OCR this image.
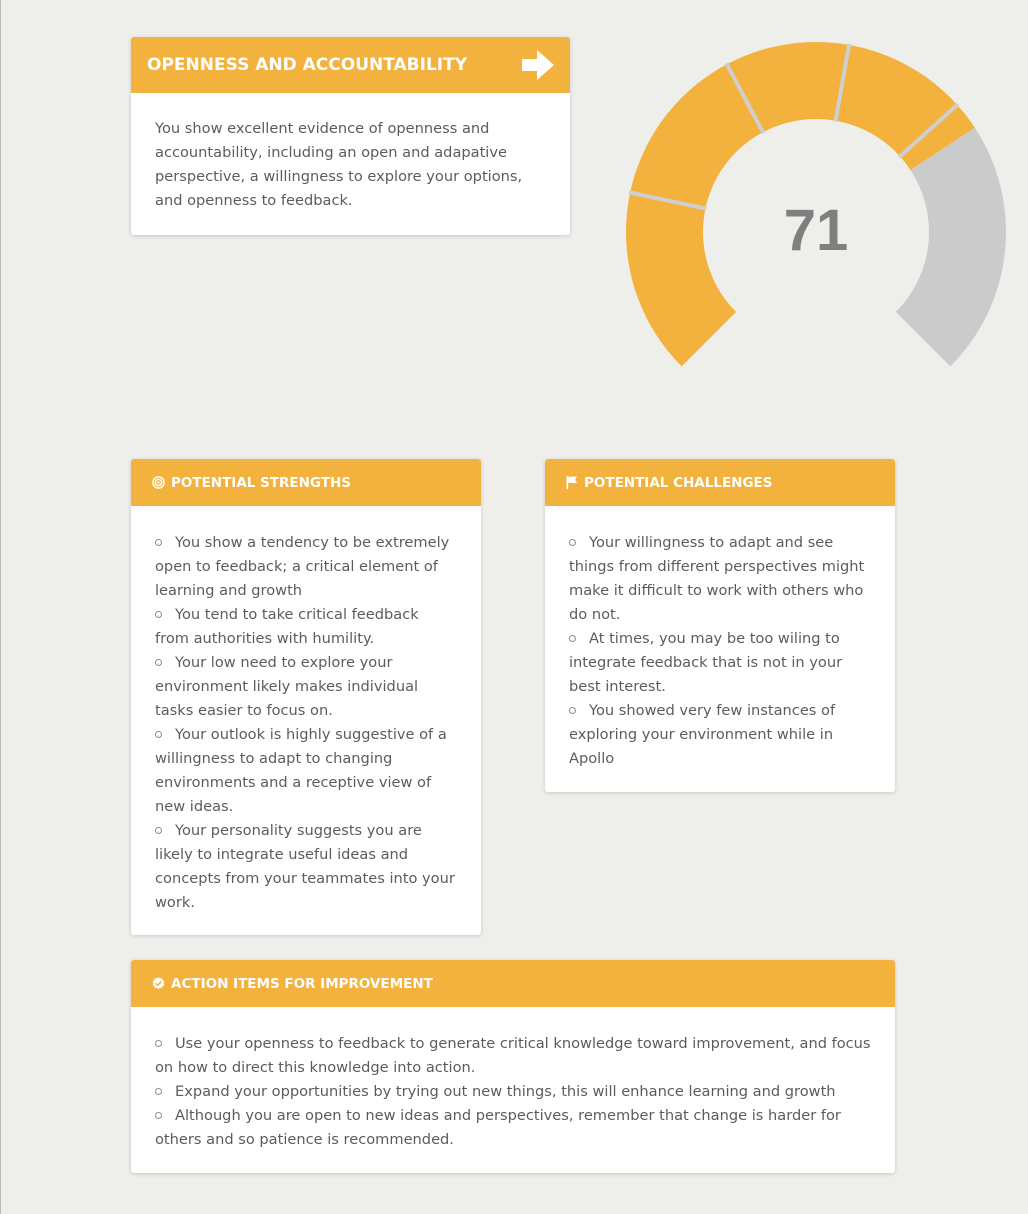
OPENNESS AND ACCOUNTABILITY

You show excellent evidence of openness and accountability, including an open and adapative perspective, a willingness to explore your options, and openness to feedback.	71
POTENTIAL STRENGTHS
You show a tendency to be extremely open to feedback; a critical element of learning and growth
You tend to take critical feedback from authorities with humility.
Your low need to explore your environment likely makes individual tasks easier to focus on.
Your outlook is highly suggestive of a willingness to adapt to changing environments and a receptive view of new ideas.
Your personality suggests you are likely to integrate useful ideas and concepts from your teammates into your work.
POTENTIAL CHALLENGES
Your willingness to adapt and see things from different perspectives might make it difficult to work with others who do not.
At times, you may be too wiling to integrate feedback that is not in your best interest.
You showed very few instances of exploring your environment while in Apollo
ACTION ITEMS FOR IMPROVEMENT
Use your openness to feedback to generate critical knowledge toward improvement, and focus on how to direct this knowledge into action.
Expand your opportunities by trying out new things, this will enhance learning and growth
Although you are open to new ideas and perspectives, remember that change is harder for others and so patience is recommended.
